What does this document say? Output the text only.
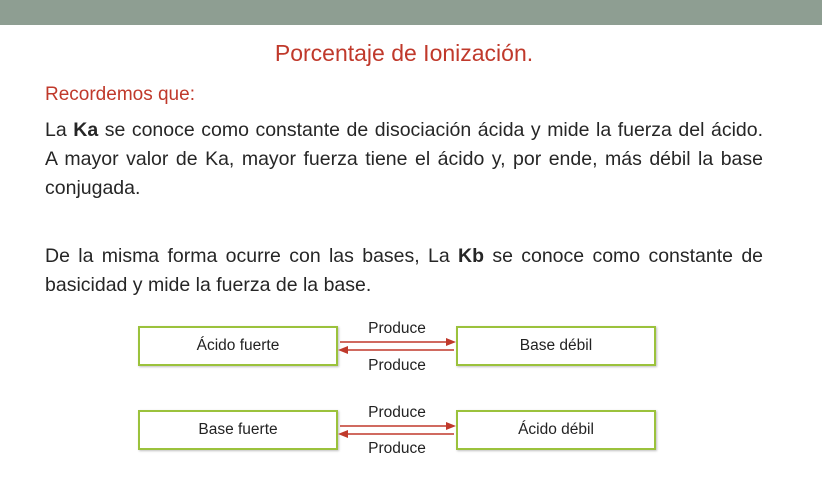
Porcentaje de Ionización.

Recordemos que:

La Ka se conoce como constante de disociación ácida y mide la fuerza del ácido. A mayor valor de Ka, mayor fuerza tiene el ácido y, por ende, más débil la base conjugada.

De la misma forma ocurre con las bases, La Kb se conoce como constante de basicidad y mide la fuerza de la base.

Ácido fuerte	Base débil
Produce
Produce
Base fuerte	Ácido débil
Produce
Produce
